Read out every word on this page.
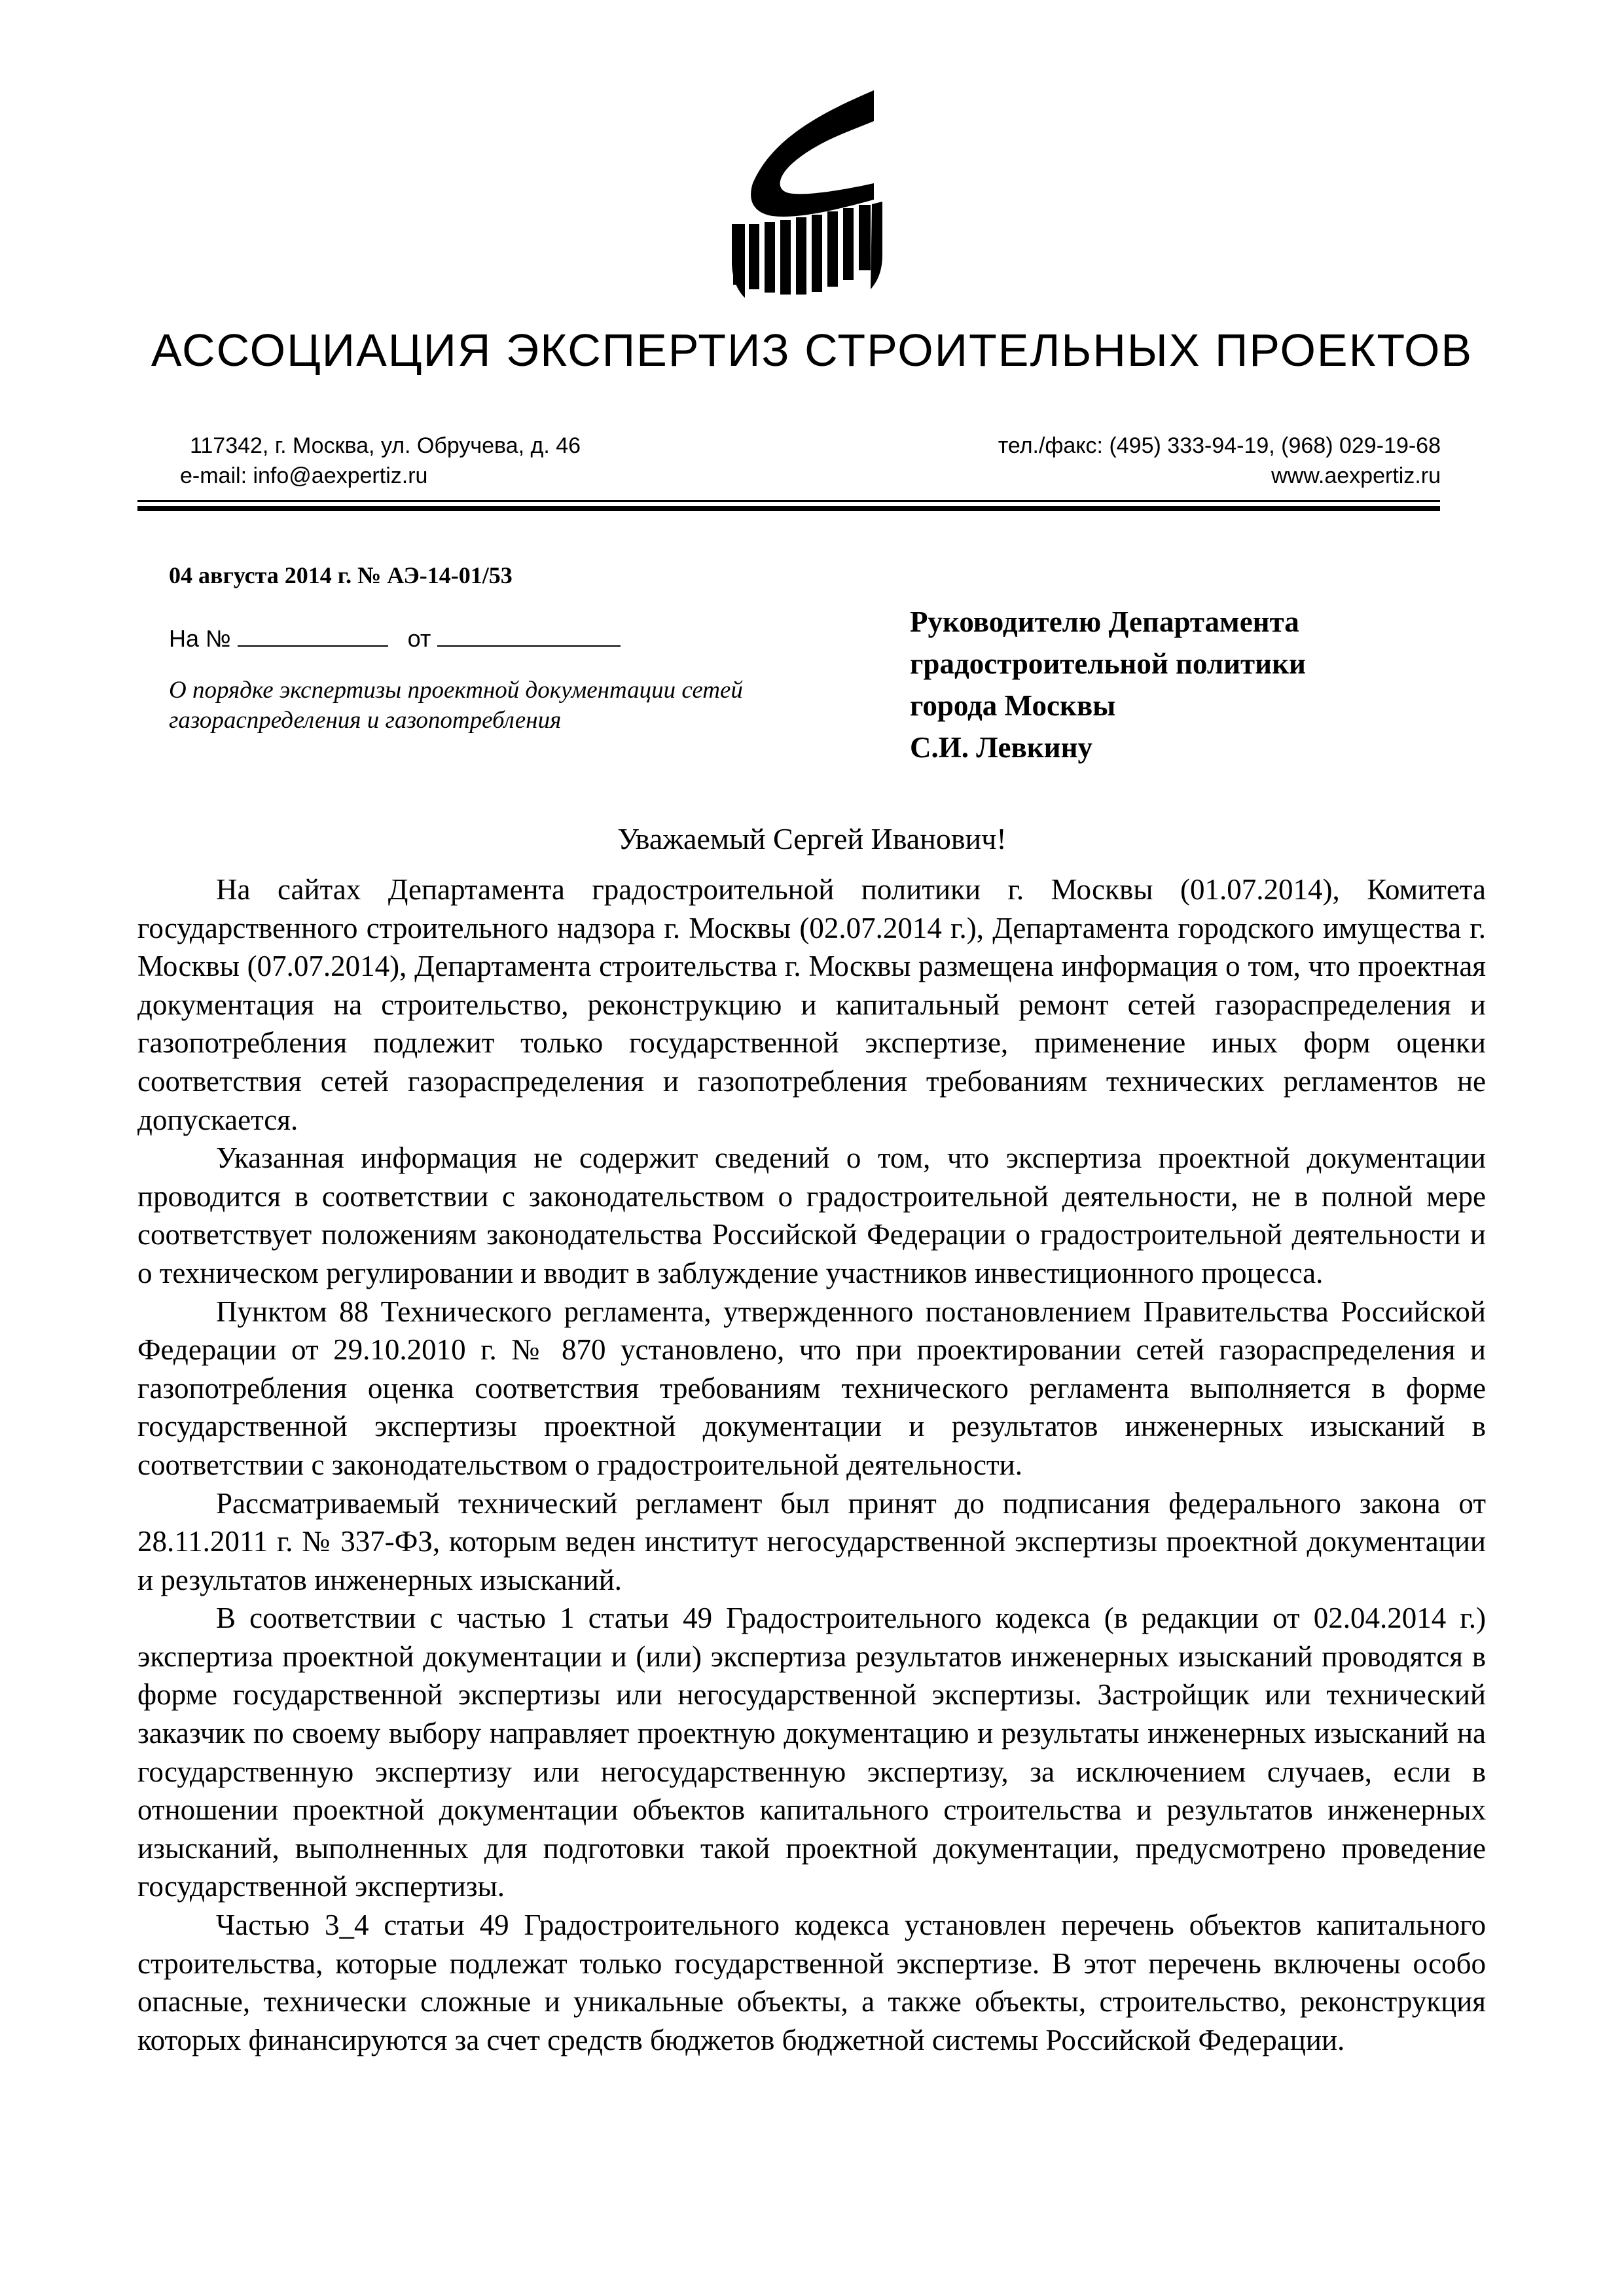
АССОЦИАЦИЯ ЭКСПЕРТИЗ СТРОИТЕЛЬНЫХ ПРОЕКТОВ
117342, г. Москва, ул. Обручева, д. 46
e-mail: info@aexpertiz.ru
тел./факс: (495) 333-94-19, (968) 029-19-68
www.aexpertiz.ru
04 августа 2014 г. № АЭ-14-01/53
На №	от
О порядке экспертизы проектной документации сетей газораспределения и газопотребления
Руководителю Департамента
градостроительной политики
города Москвы
С.И. Левкину
Уважаемый Сергей Иванович!

На сайтах Департамента градостроительной политики г. Москвы (01.07.2014), Комитета государственного строительного надзора г. Москвы (02.07.2014 г.), Департамента городского имущества г. Москвы (07.07.2014), Департамента строительства г. Москвы размещена информация о том, что проектная документация на строительство, реконструкцию и капитальный ремонт сетей газораспределения и газопотребления подлежит только государственной экспертизе, применение иных форм оценки соответствия сетей газораспределения и газопотребления требованиям технических регламентов не допускается.

Указанная информация не содержит сведений о том, что экспертиза проектной документации проводится в соответствии с законодательством о градостроительной деятельности, не в полной мере соответствует положениям законодательства Российской Федерации о градостроительной деятельности и о техническом регулировании и вводит в заблуждение участников инвестиционного процесса.

Пунктом 88 Технического регламента, утвержденного постановлением Правительства Российской Федерации от 29.10.2010 г. № 870 установлено, что при проектировании сетей газораспределения и газопотребления оценка соответствия требованиям технического регламента выполняется в форме государственной экспертизы проектной документации и результатов инженерных изысканий в соответствии с законодательством о градостроительной деятельности.

Рассматриваемый технический регламент был принят до подписания федерального закона от 28.11.2011 г. № 337-ФЗ, которым веден институт негосударственной экспертизы проектной документации и результатов инженерных изысканий.

В соответствии с частью 1 статьи 49 Градостроительного кодекса (в редакции от 02.04.2014 г.) экспертиза проектной документации и (или) экспертиза результатов инженерных изысканий проводятся в форме государственной экспертизы или негосударственной экспертизы. Застройщик или технический заказчик по своему выбору направляет проектную документацию и результаты инженерных изысканий на государственную экспертизу или негосударственную экспертизу, за исключением случаев, если в отношении проектной документации объектов капитального строительства и результатов инженерных изысканий, выполненных для подготовки такой проектной документации, предусмотрено проведение государственной экспертизы.

Частью 3_4 статьи 49 Градостроительного кодекса установлен перечень объектов капитального строительства, которые подлежат только государственной экспертизе. В этот перечень включены особо опасные, технически сложные и уникальные объекты, а также объекты, строительство, реконструкция которых финансируются за счет средств бюджетов бюджетной системы Российской Федерации.
